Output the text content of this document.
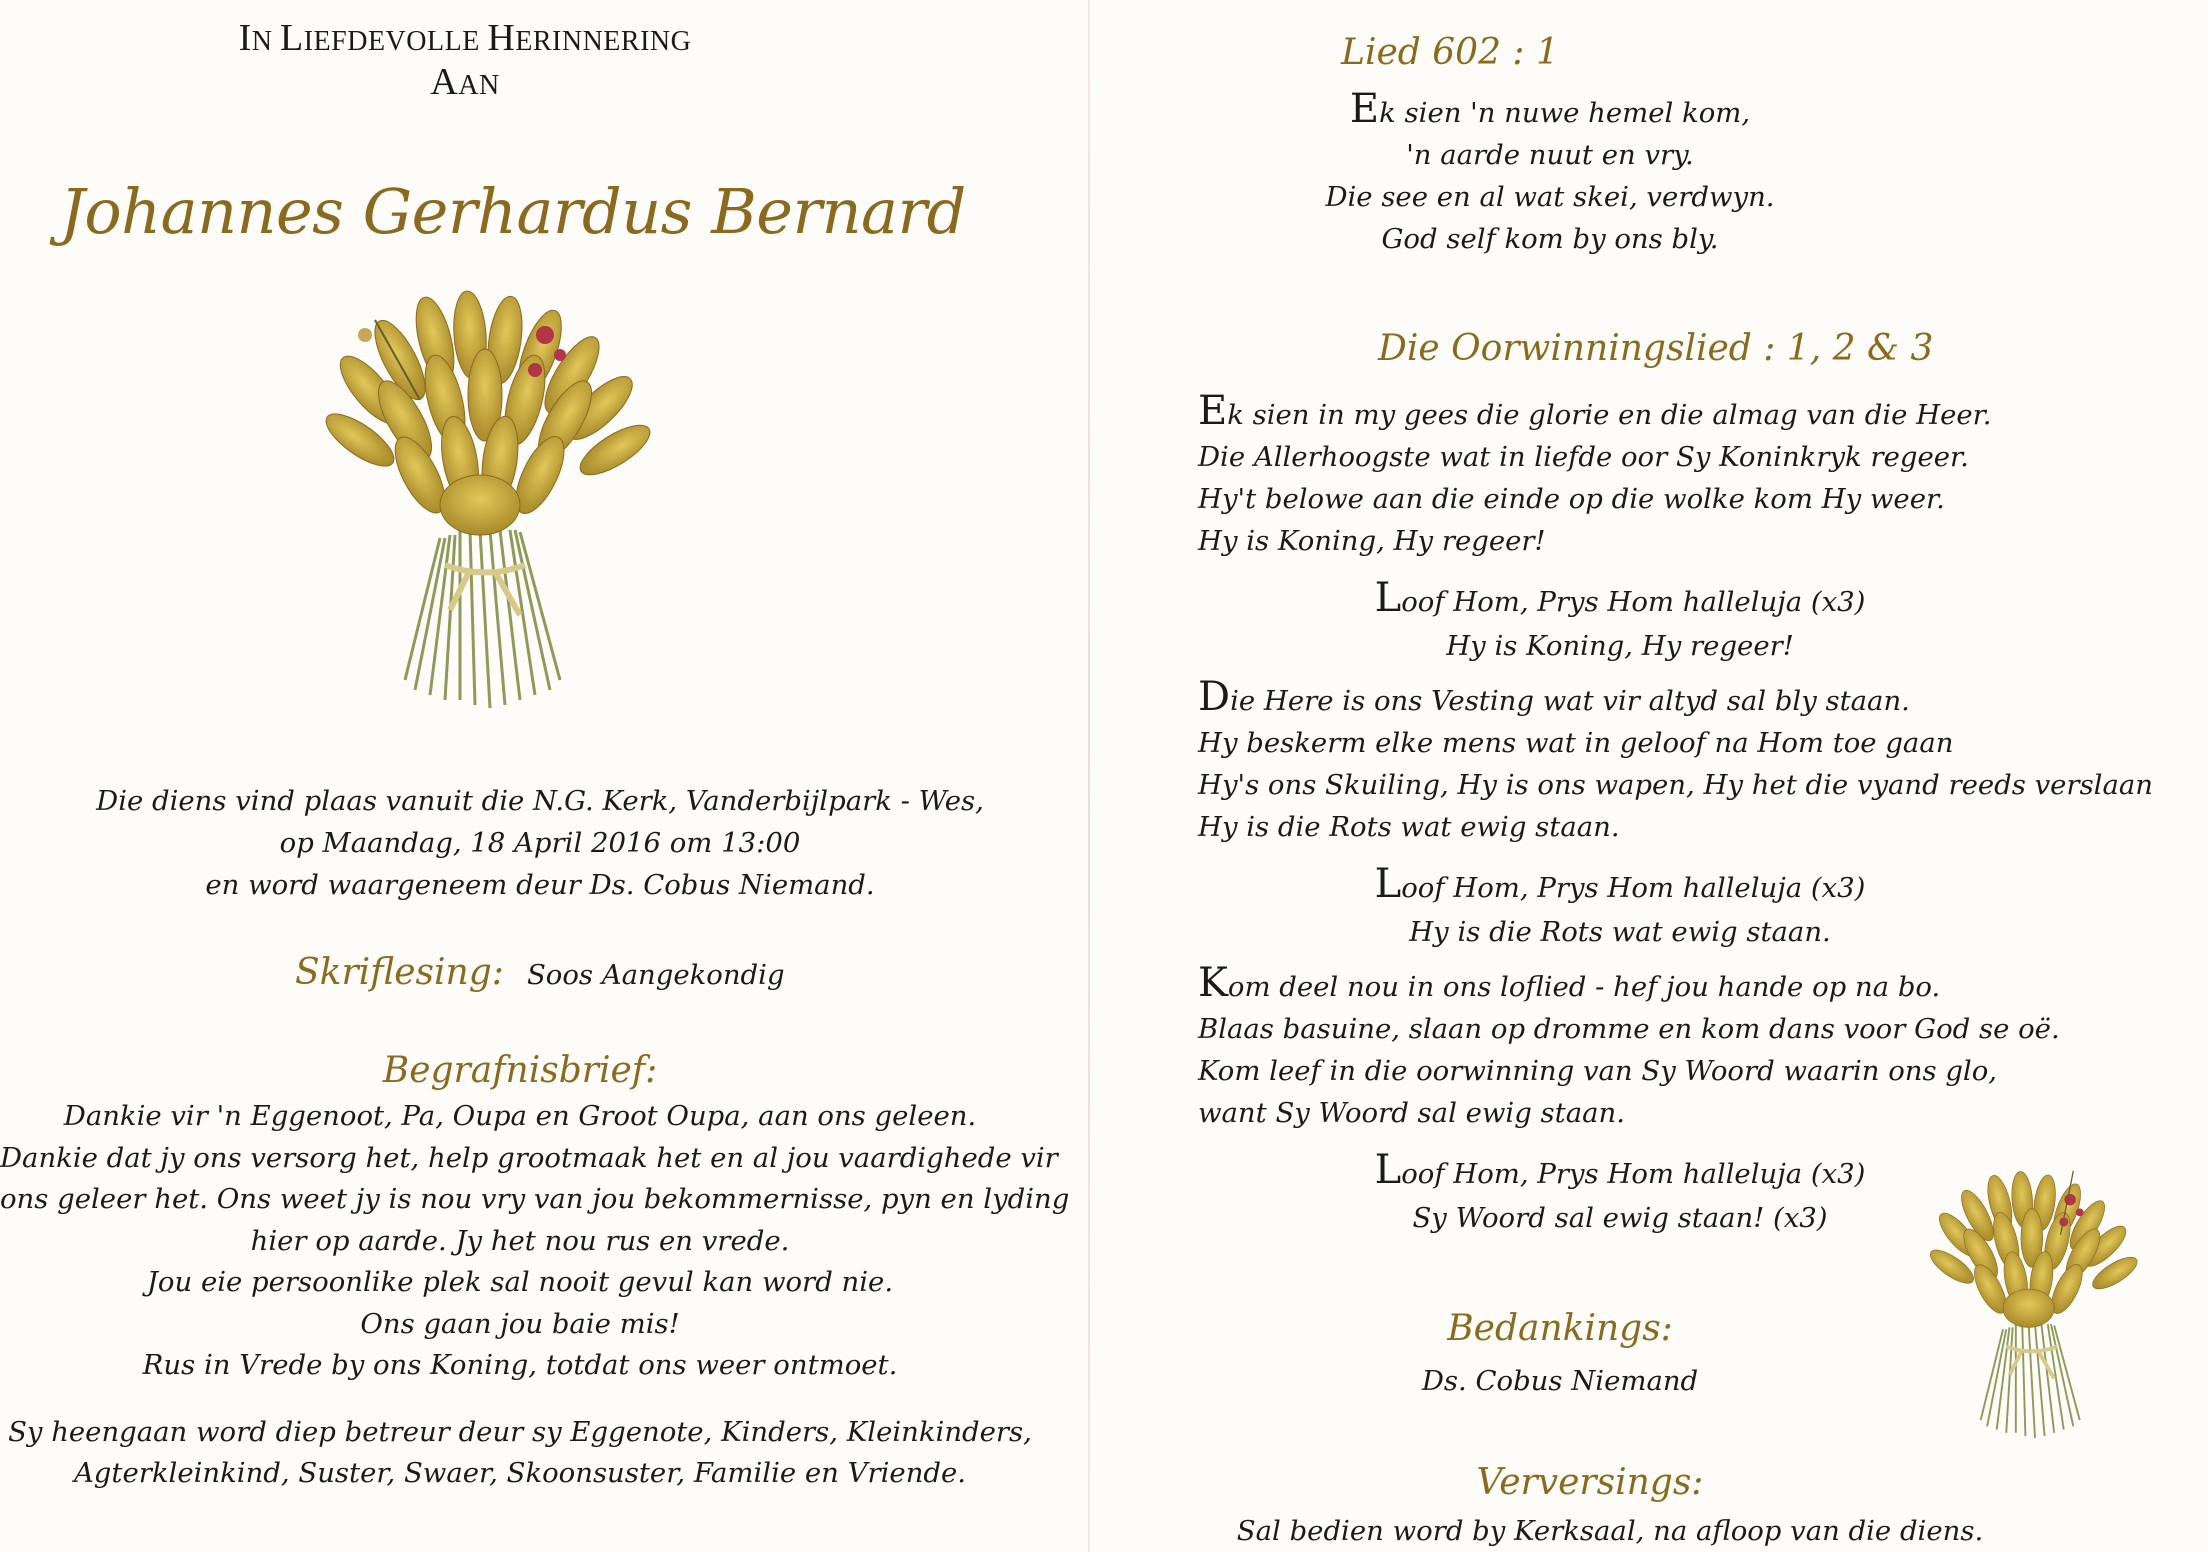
IN LIEFDEVOLLE HERINNERING
AAN
Johannes Gerhardus Bernard
Die diens vind plaas vanuit die N.G. Kerk, Vanderbijlpark - Wes,
op Maandag, 18 April 2016 om 13:00
en word waargeneem deur Ds. Cobus Niemand.
Skriflesing: Soos Aangekondig
Begrafnisbrief:
Dankie vir 'n Eggenoot, Pa, Oupa en Groot Oupa, aan ons geleen.
Dankie dat jy ons versorg het, help grootmaak het en al jou vaardighede vir
ons geleer het. Ons weet jy is nou vry van jou bekommernisse, pyn en lyding
hier op aarde. Jy het nou rus en vrede.
Jou eie persoonlike plek sal nooit gevul kan word nie.
Ons gaan jou baie mis!
Rus in Vrede by ons Koning, totdat ons weer ontmoet.
Sy heengaan word diep betreur deur sy Eggenote, Kinders, Kleinkinders,
Agterkleinkind, Suster, Swaer, Skoonsuster, Familie en Vriende.
Lied 602 : 1
Ek sien 'n nuwe hemel kom,
'n aarde nuut en vry.
Die see en al wat skei, verdwyn.
God self kom by ons bly.
Die Oorwinningslied : 1, 2 & 3
Ek sien in my gees die glorie en die almag van die Heer.
Die Allerhoogste wat in liefde oor Sy Koninkryk regeer.
Hy't belowe aan die einde op die wolke kom Hy weer.
Hy is Koning, Hy regeer!
Loof Hom, Prys Hom halleluja (x3)
Hy is Koning, Hy regeer!
Die Here is ons Vesting wat vir altyd sal bly staan.
Hy beskerm elke mens wat in geloof na Hom toe gaan
Hy's ons Skuiling, Hy is ons wapen, Hy het die vyand reeds verslaan
Hy is die Rots wat ewig staan.
Loof Hom, Prys Hom halleluja (x3)
Hy is die Rots wat ewig staan.
Kom deel nou in ons loflied - hef jou hande op na bo.
Blaas basuine, slaan op dromme en kom dans voor God se oë.
Kom leef in die oorwinning van Sy Woord waarin ons glo,
want Sy Woord sal ewig staan.
Loof Hom, Prys Hom halleluja (x3)
Sy Woord sal ewig staan! (x3)
Bedankings:
Ds. Cobus Niemand
Verversings:
Sal bedien word by Kerksaal, na afloop van die diens.
